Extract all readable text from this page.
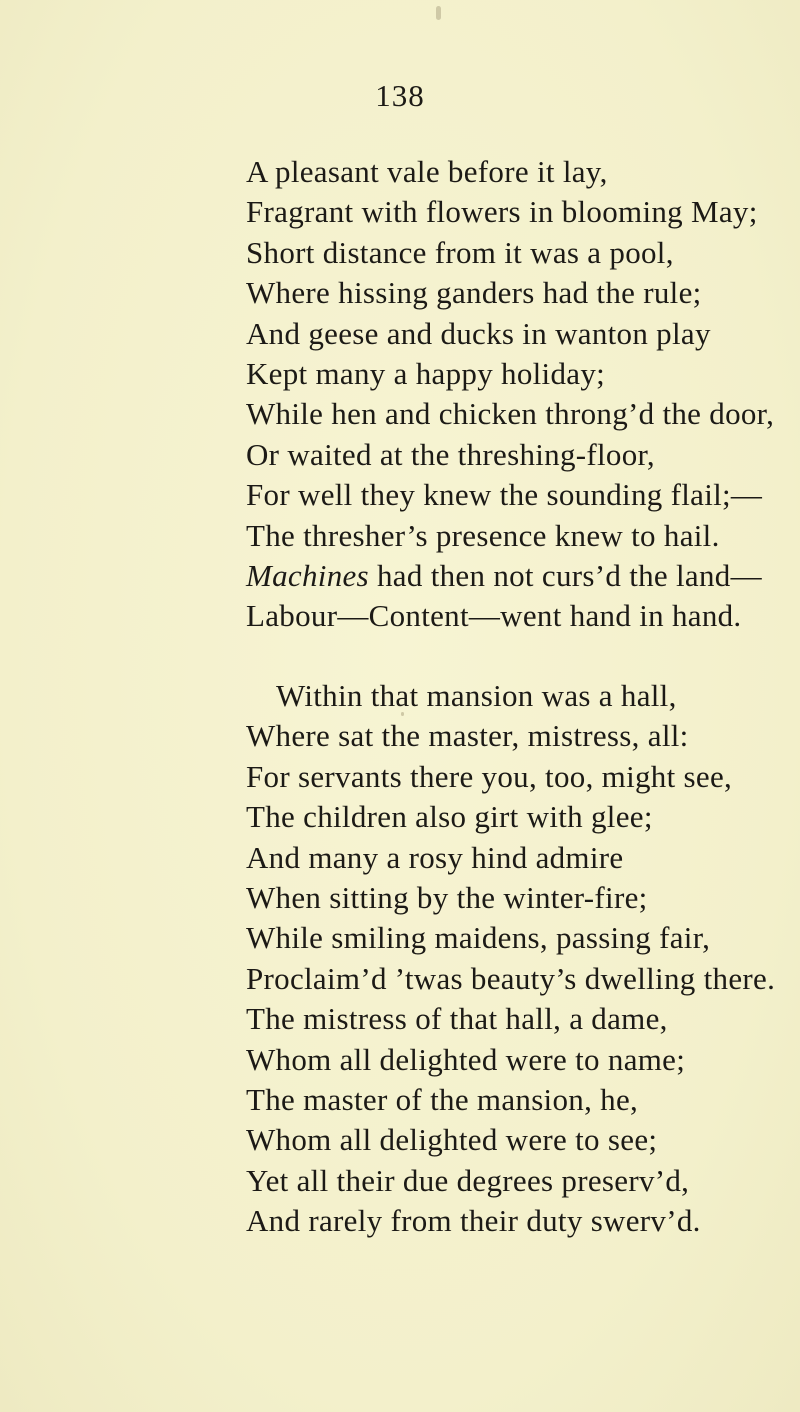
138
A pleasant vale before it lay,
Fragrant with flowers in blooming May;
Short distance from it was a pool,
Where hissing ganders had the rule;
And geese and ducks in wanton play
Kept many a happy holiday;
While hen and chicken throng’d the door,
Or waited at the threshing-floor,
For well they knew the sounding flail;—
The thresher’s presence knew to hail.
Machines had then not curs’d the land—
Labour—Content—went hand in hand.
Within that mansion was a hall,
Where sat the master, mistress, all:
For servants there you, too, might see,
The children also girt with glee;
And many a rosy hind admire
When sitting by the winter-fire;
While smiling maidens, passing fair,
Proclaim’d ’twas beauty’s dwelling there.
The mistress of that hall, a dame,
Whom all delighted were to name;
The master of the mansion, he,
Whom all delighted were to see;
Yet all their due degrees preserv’d,
And rarely from their duty swerv’d.
